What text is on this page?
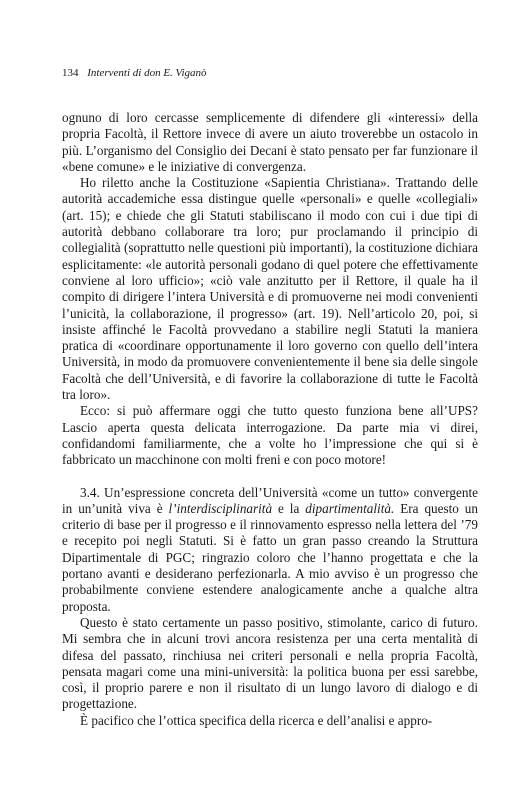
134 Interventi di don E. Viganò

ognuno di loro cercasse semplicemente di difendere gli «interessi» della propria Facoltà, il Rettore invece di avere un aiuto troverebbe un ostacolo in più. L’organismo del Consiglio dei Decani è stato pensato per far funzionare il «bene comune» e le iniziative di convergenza.

Ho riletto anche la Costituzione «Sapientia Christiana». Trattando delle autorità accademiche essa distingue quelle «personali» e quelle «collegiali» (art. 15); e chiede che gli Statuti stabiliscano il modo con cui i due tipi di autorità debbano collaborare tra loro; pur proclamando il principio di collegialità (soprattutto nelle questioni più importanti), la costituzione dichiara esplicitamente: «le autorità personali godano di quel potere che effettivamente conviene al loro ufficio»; «ciò vale anzitutto per il Rettore, il quale ha il compito di dirigere l’intera Università e di promuoverne nei modi convenienti l’unicità, la collaborazione, il progresso» (art. 19). Nell’articolo 20, poi, si insiste affinché le Facoltà provvedano a stabilire negli Statuti la maniera pratica di «coordinare opportunamente il loro governo con quello dell’intera Università, in modo da promuovere convenientemente il bene sia delle singole Facoltà che dell’Università, e di favorire la collaborazione di tutte le Facoltà tra loro».

Ecco: si può affermare oggi che tutto questo funziona bene all’UPS? Lascio aperta questa delicata interrogazione. Da parte mia vi direi, confidandomi familiarmente, che a volte ho l’impressione che qui si è fabbricato un macchinone con molti freni e con poco motore!

3.4. Un’espressione concreta dell’Università «come un tutto» convergente in un’unità viva è l’interdisciplinarità e la dipartimentalità. Era questo un criterio di base per il progresso e il rinnovamento espresso nella lettera del ’79 e recepito poi negli Statuti. Si è fatto un gran passo creando la Struttura Dipartimentale di PGC; ringrazio coloro che l’hanno progettata e che la portano avanti e desiderano perfezionarla. A mio avviso è un progresso che probabilmente conviene estendere analogicamente anche a qualche altra proposta.

Questo è stato certamente un passo positivo, stimolante, carico di futuro. Mi sembra che in alcuni trovi ancora resistenza per una certa mentalità di difesa del passato, rinchiusa nei criteri personali e nella propria Facoltà, pensata magari come una mini-università: la politica buona per essi sarebbe, così, il proprio parere e non il risultato di un lungo lavoro di dialogo e di progettazione.

È pacifico che l’ottica specifica della ricerca e dell’analisi e appro-
